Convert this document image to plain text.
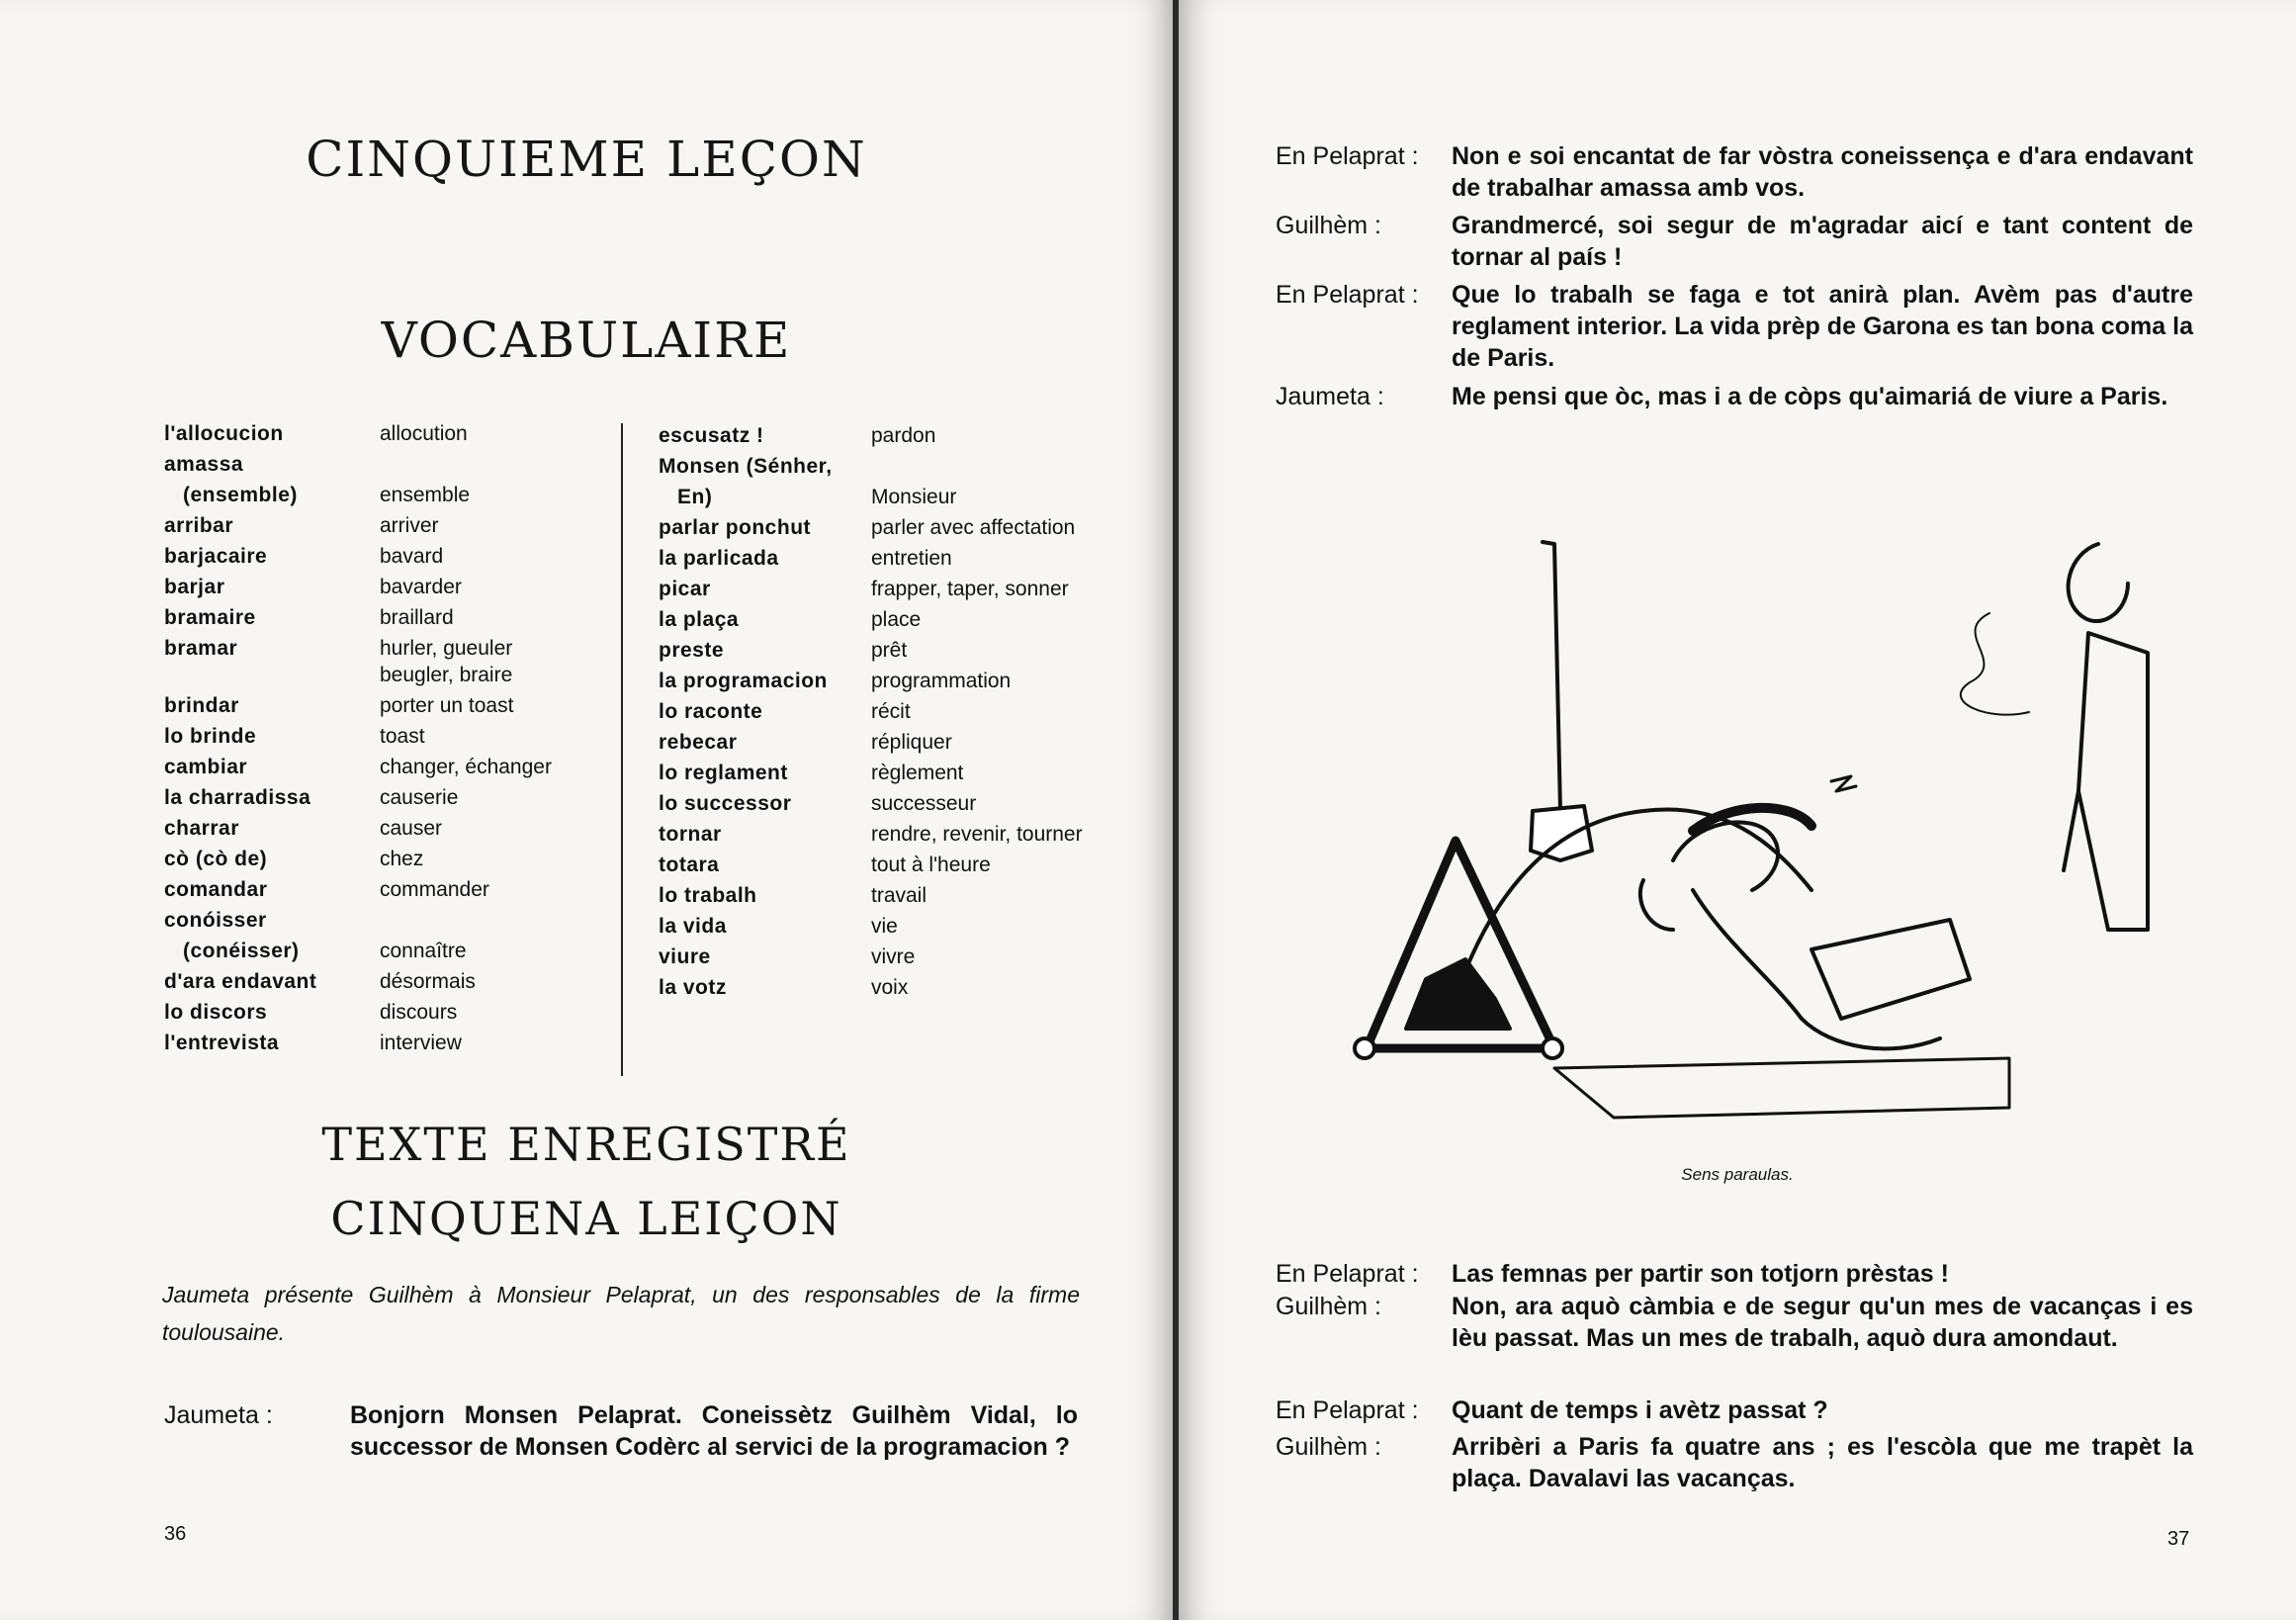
CINQUIEME LEÇON
VOCABULAIRE
l'allocucion	allocution
amassa
(ensemble)	ensemble
arribar	arriver
barjacaire	bavard
barjar	bavarder
bramaire	braillard
bramar	hurler, gueuler beugler, braire
brindar	porter un toast
lo brinde	toast
cambiar	changer, échanger
la charradissa	causerie
charrar	causer
cò (cò de)	chez
comandar	commander
conóisser
(conéisser)	connaître
d'ara endavant	désormais
lo discors	discours
l'entrevista	interview
escusatz !	pardon
Monsen (Sénher,
En)	Monsieur
parlar ponchut	parler avec affectation
la parlicada	entretien
picar	frapper, taper, sonner
la plaça	place
preste	prêt
la programacion	programmation
lo raconte	récit
rebecar	répliquer
lo reglament	règlement
lo successor	successeur
tornar	rendre, revenir, tourner
totara	tout à l'heure
lo trabalh	travail
la vida	vie
viure	vivre
la votz	voix
TEXTE ENREGISTRÉ
CINQUENA LEIÇON
Jaumeta présente Guilhèm à Monsieur Pelaprat, un des responsables de la firme toulousaine.
Jaumeta :	Bonjorn Monsen Pelaprat. Coneissètz Guilhèm Vidal, lo successor de Monsen Codèrc al servici de la programacion ?
36
En Pelaprat :	Non e soi encantat de far vòstra coneissença e d'ara endavant de trabalhar amassa amb vos.
Guilhèm :	Grandmercé, soi segur de m'agradar aicí e tant content de tornar al país !
En Pelaprat :	Que lo trabalh se faga e tot anirà plan. Avèm pas d'autre reglament interior. La vida prèp de Garona es tan bona coma la de Paris.
Jaumeta :	Me pensi que òc, mas i a de còps qu'aimariá de viure a Paris.
Sens paraulas.
En Pelaprat :	Las femnas per partir son totjorn prèstas !
Guilhèm :	Non, ara aquò càmbia e de segur qu'un mes de vacanças i es lèu passat. Mas un mes de trabalh, aquò dura amondaut.
En Pelaprat :	Quant de temps i avètz passat ?
Guilhèm :	Arribèri a Paris fa quatre ans ; es l'escòla que me trapèt la plaça. Davalavi las vacanças.
37
